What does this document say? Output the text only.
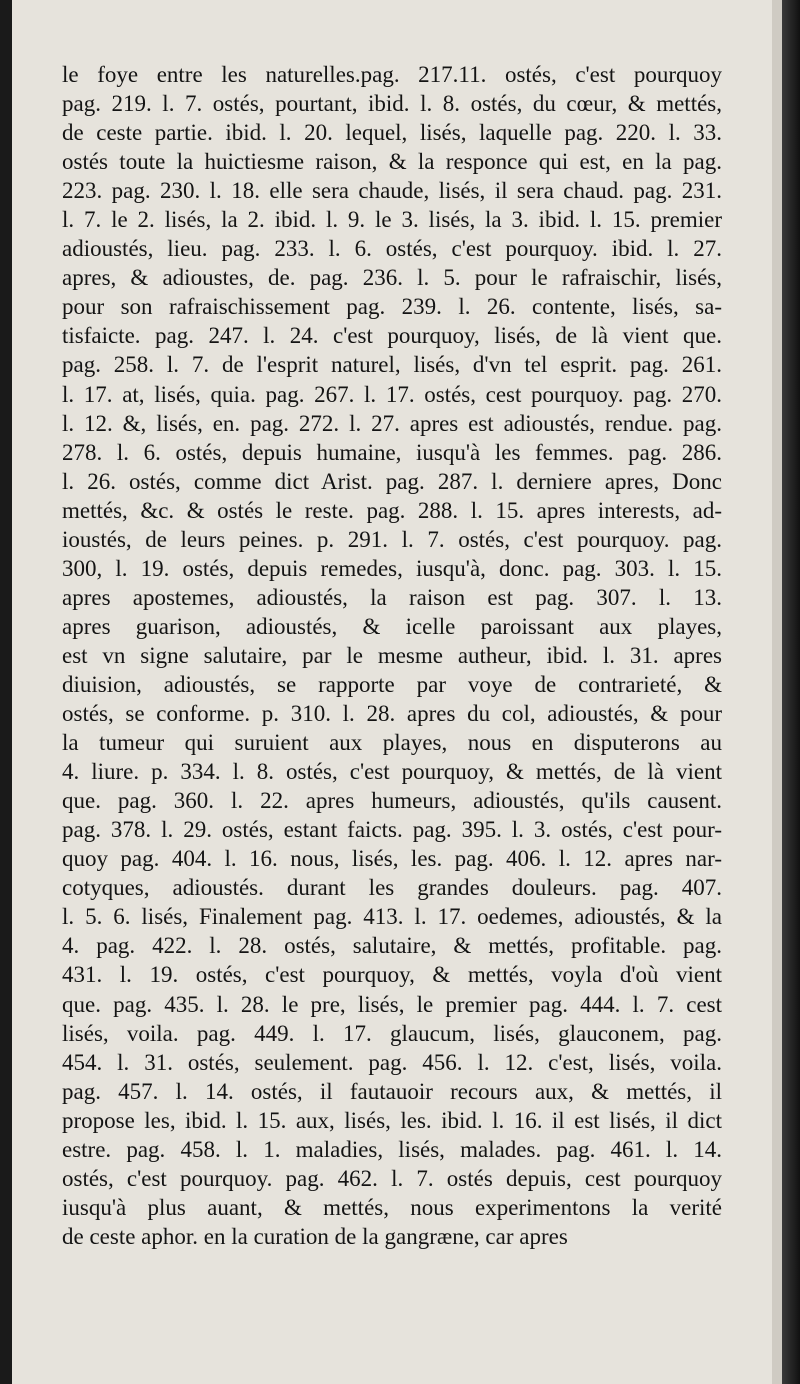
le foye entre les naturelles.pag. 217.11. ostés, c'est pourquoy
pag. 219. l. 7. ostés, pourtant, ibid. l. 8. ostés, du cœur, & mettés,
de ceste partie. ibid. l. 20. lequel, lisés, laquelle pag. 220. l. 33.
ostés toute la huictiesme raison, & la responce qui est, en la pag.
223. pag. 230. l. 18. elle sera chaude, lisés, il sera chaud. pag. 231.
l. 7. le 2. lisés, la 2. ibid. l. 9. le 3. lisés, la 3. ibid. l. 15. premier
adioustés, lieu. pag. 233. l. 6. ostés, c'est pourquoy. ibid. l. 27.
apres, & adioustes, de. pag. 236. l. 5. pour le rafraischir, lisés,
pour son rafraischissement pag. 239. l. 26. contente, lisés, sa-
tisfaicte. pag. 247. l. 24. c'est pourquoy, lisés, de là vient que.
pag. 258. l. 7. de l'esprit naturel, lisés, d'vn tel esprit. pag. 261.
l. 17. at, lisés, quia. pag. 267. l. 17. ostés, cest pourquoy. pag. 270.
l. 12. &, lisés, en. pag. 272. l. 27. apres est adioustés, rendue. pag.
278. l. 6. ostés, depuis humaine, iusqu'à les femmes. pag. 286.
l. 26. ostés, comme dict Arist. pag. 287. l. derniere apres, Donc
mettés, &c. & ostés le reste. pag. 288. l. 15. apres interests, ad-
ioustés, de leurs peines. p. 291. l. 7. ostés, c'est pourquoy. pag.
300, l. 19. ostés, depuis remedes, iusqu'à, donc. pag. 303. l. 15.
apres apostemes, adioustés, la raison est pag. 307. l. 13.
apres guarison, adioustés, & icelle paroissant aux playes,
est vn signe salutaire, par le mesme autheur, ibid. l. 31. apres
diuision, adioustés, se rapporte par voye de contrarieté, &
ostés, se conforme. p. 310. l. 28. apres du col, adioustés, & pour
la tumeur qui suruient aux playes, nous en disputerons au
4. liure. p. 334. l. 8. ostés, c'est pourquoy, & mettés, de là vient
que. pag. 360. l. 22. apres humeurs, adioustés, qu'ils causent.
pag. 378. l. 29. ostés, estant faicts. pag. 395. l. 3. ostés, c'est pour-
quoy pag. 404. l. 16. nous, lisés, les. pag. 406. l. 12. apres nar-
cotyques, adioustés. durant les grandes douleurs. pag. 407.
l. 5. 6. lisés, Finalement pag. 413. l. 17. oedemes, adioustés, & la
4. pag. 422. l. 28. ostés, salutaire, & mettés, profitable. pag.
431. l. 19. ostés, c'est pourquoy, & mettés, voyla d'où vient
que. pag. 435. l. 28. le pre, lisés, le premier pag. 444. l. 7. cest
lisés, voila. pag. 449. l. 17. glaucum, lisés, glauconem, pag.
454. l. 31. ostés, seulement. pag. 456. l. 12. c'est, lisés, voila.
pag. 457. l. 14. ostés, il fautauoir recours aux, & mettés, il
propose les, ibid. l. 15. aux, lisés, les. ibid. l. 16. il est lisés, il dict
estre. pag. 458. l. 1. maladies, lisés, malades. pag. 461. l. 14.
ostés, c'est pourquoy. pag. 462. l. 7. ostés depuis, cest pourquoy
iusqu'à plus auant, & mettés, nous experimentons la verité
de ceste aphor. en la curation de la gangræne, car apres
